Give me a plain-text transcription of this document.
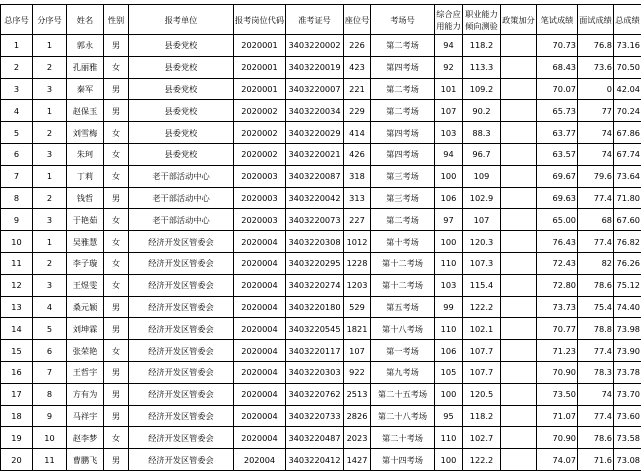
总序号	分序号	姓名	性别	报考单位	报考岗位代码	准考证号	座位号	考场号	综合应用能力	职业能力倾向测验	政策加分	笔试成绩	面试成绩	总成绩
1	1	郭永	男	县委党校	2020001	3403220002	226	第二考场	94	118.2		70.73	76.8	73.16
2	2	孔丽雅	女	县委党校	2020001	3403220019	423	第四考场	92	113.3		68.43	73.6	70.50
3	3	秦军	男	县委党校	2020001	3403220007	221	第二考场	101	109.2		70.07	0	42.04
4	1	赵保玉	男	县委党校	2020002	3403220034	229	第二考场	107	90.2		65.73	77	70.24
5	2	刘雪梅	女	县委党校	2020002	3403220029	414	第四考场	103	88.3		63.77	74	67.86
6	3	朱珂	女	县委党校	2020002	3403220021	426	第四考场	94	96.7		63.57	74	67.74
7	1	丁莉	女	老干部活动中心	2020003	3403220087	318	第三考场	100	109		69.67	79.6	73.64
8	2	钱哲	男	老干部活动中心	2020003	3403220042	313	第三考场	106	102.9		69.63	77.4	71.80
9	3	于艳茹	女	老干部活动中心	2020003	3403220073	227	第二考场	97	107		65.00	68	67.60
10	1	吴雅慧	女	经济开发区管委会	2020004	3403220308	1012	第十考场	100	120.3		76.43	77.4	76.82
11	2	李子璇	女	经济开发区管委会	2020004	3403220295	1228	第十二考场	110	107.3		72.43	82	76.26
12	3	王煜雯	女	经济开发区管委会	2020004	3403220274	1203	第十二考场	103	115.4		72.80	78.6	75.12
13	4	桑元颖	男	经济开发区管委会	2020004	3403220180	529	第五考场	99	122.2		73.73	75.4	74.40
14	5	刘坤霖	男	经济开发区管委会	2020004	3403220545	1821	第十八考场	110	102.1		70.77	78.8	73.98
15	6	张荣艳	女	经济开发区管委会	2020004	3403220117	107	第一考场	106	107.7		71.23	77.4	73.90
16	7	王哲宇	男	经济开发区管委会	2020004	3403220303	922	第九考场	105	107.7		70.90	78.3	73.78
17	8	方有为	男	经济开发区管委会	2020004	3403220762	2513	第二十五考场	100	120.5		73.50	74	73.70
18	9	马祥宇	男	经济开发区管委会	2020004	3403220733	2826	第二十八考场	95	118.2		71.07	77.4	73.60
19	10	赵李梦	女	经济开发区管委会	2020004	3403220487	2023	第二十考场	110	102.7		70.90	78.6	73.58
20	11	曹鹏飞	男	经济开发区管委会	202004	3403220412	1427	第十四考场	100	122.2		74.07	71.6	73.08
